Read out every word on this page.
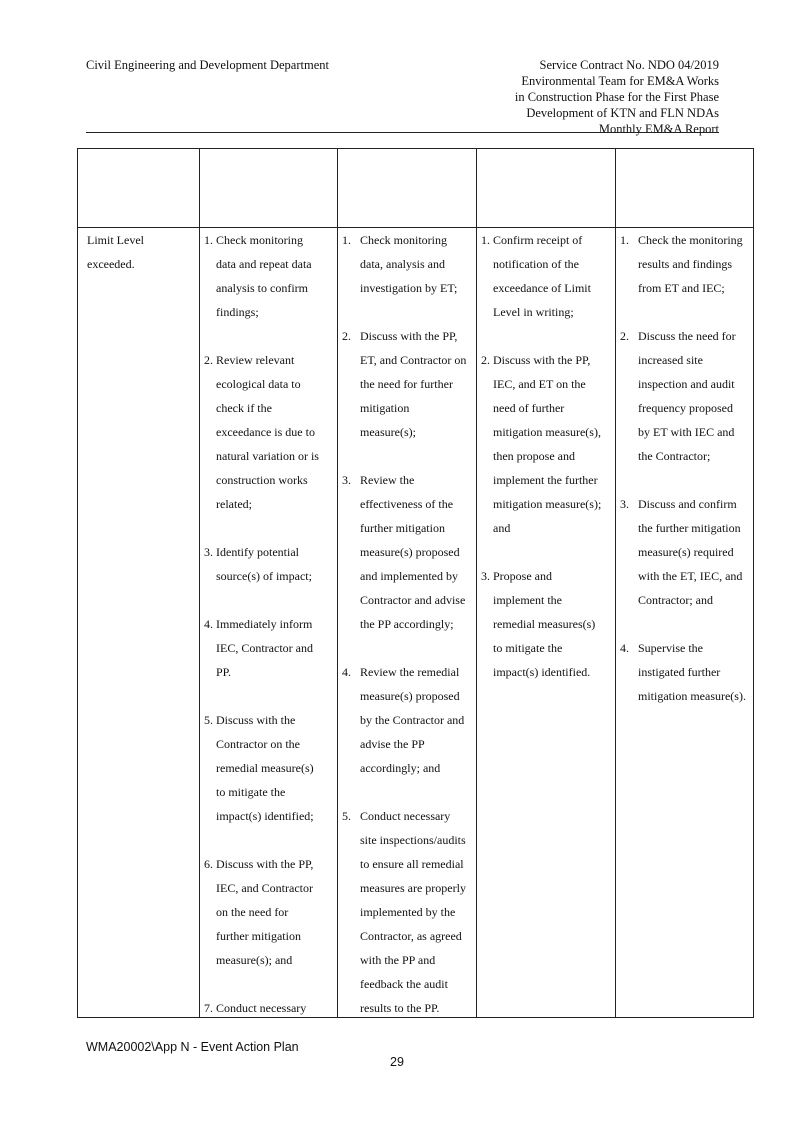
Civil Engineering and Development Department	Service Contract No. NDO 04/2019
Environmental Team for EM&A Works
in Construction Phase for the First Phase
Development of KTN and FLN NDAs
Monthly EM&A Report
Limit Level
exceeded.
1. Check monitoring
data and repeat data
analysis to confirm
findings;
2. Review relevant
ecological data to
check if the
exceedance is due to
natural variation or is
construction works
related;
3. Identify potential
source(s) of impact;
4. Immediately inform
IEC, Contractor and
PP.
5. Discuss with the
Contractor on the
remedial measure(s)
to mitigate the
impact(s) identified;
6. Discuss with the PP,
IEC, and Contractor
on the need for
further mitigation
measure(s); and
7. Conduct necessary
1. Check monitoring
data, analysis and
investigation by ET;
2. Discuss with the PP,
ET, and Contractor on
the need for further
mitigation
measure(s);
3. Review the
effectiveness of the
further mitigation
measure(s) proposed
and implemented by
Contractor and advise
the PP accordingly;
4. Review the remedial
measure(s) proposed
by the Contractor and
advise the PP
accordingly; and
5. Conduct necessary
site inspections/audits
to ensure all remedial
measures are properly
implemented by the
Contractor, as agreed
with the PP and
feedback the audit
results to the PP.
1. Confirm receipt of
notification of the
exceedance of Limit
Level in writing;
2. Discuss with the PP,
IEC, and ET on the
need of further
mitigation measure(s),
then propose and
implement the further
mitigation measure(s);
and
3. Propose and
implement the
remedial measures(s)
to mitigate the
impact(s) identified.
1. Check the monitoring
results and findings
from ET and IEC;
2. Discuss the need for
increased site
inspection and audit
frequency proposed
by ET with IEC and
the Contractor;
3. Discuss and confirm
the further mitigation
measure(s) required
with the ET, IEC, and
Contractor; and
4. Supervise the
instigated further
mitigation measure(s).
WMA20002\App N - Event Action Plan
29
